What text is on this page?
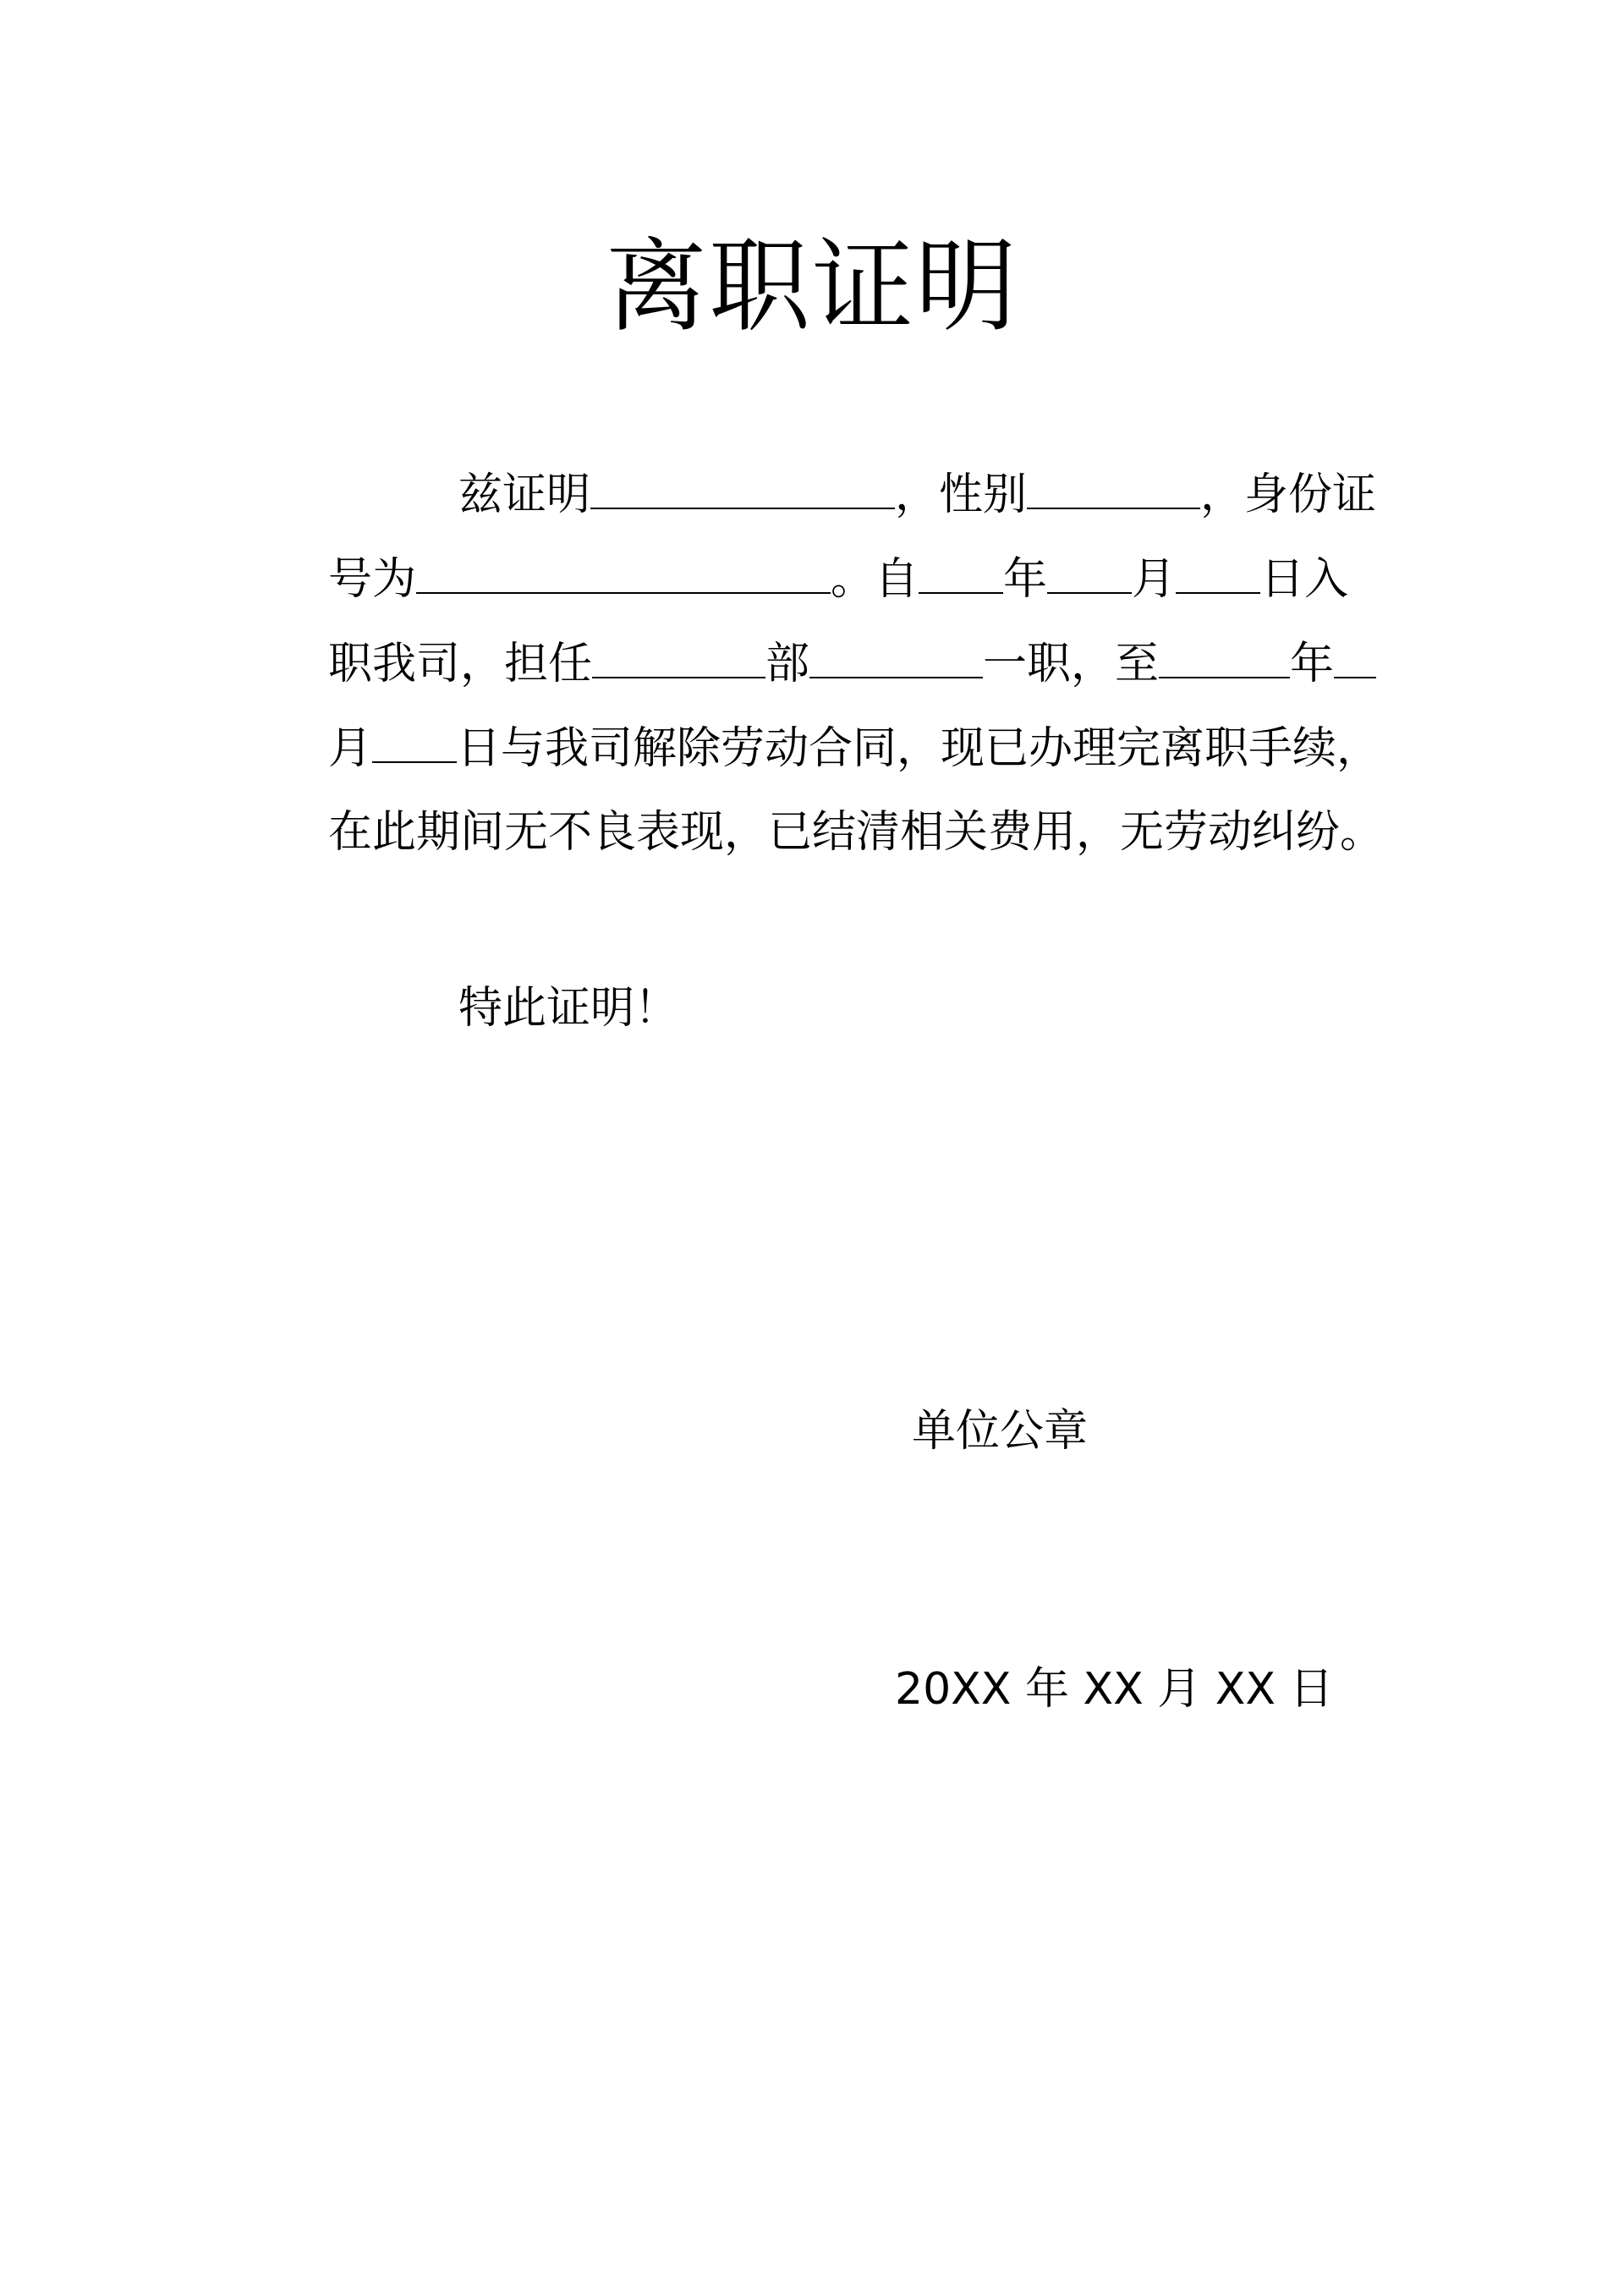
离职证明
兹证明	，性别	，身份证
号为	。自 年 月 日入
职我司，担任	部	一职，至	年
月 日与我司解除劳动合同，现已办理完离职手续，
在此期间无不良表现，已结清相关费用，无劳动纠纷。
特此证明！
单位公章
20XX 年 XX 月 XX 日
